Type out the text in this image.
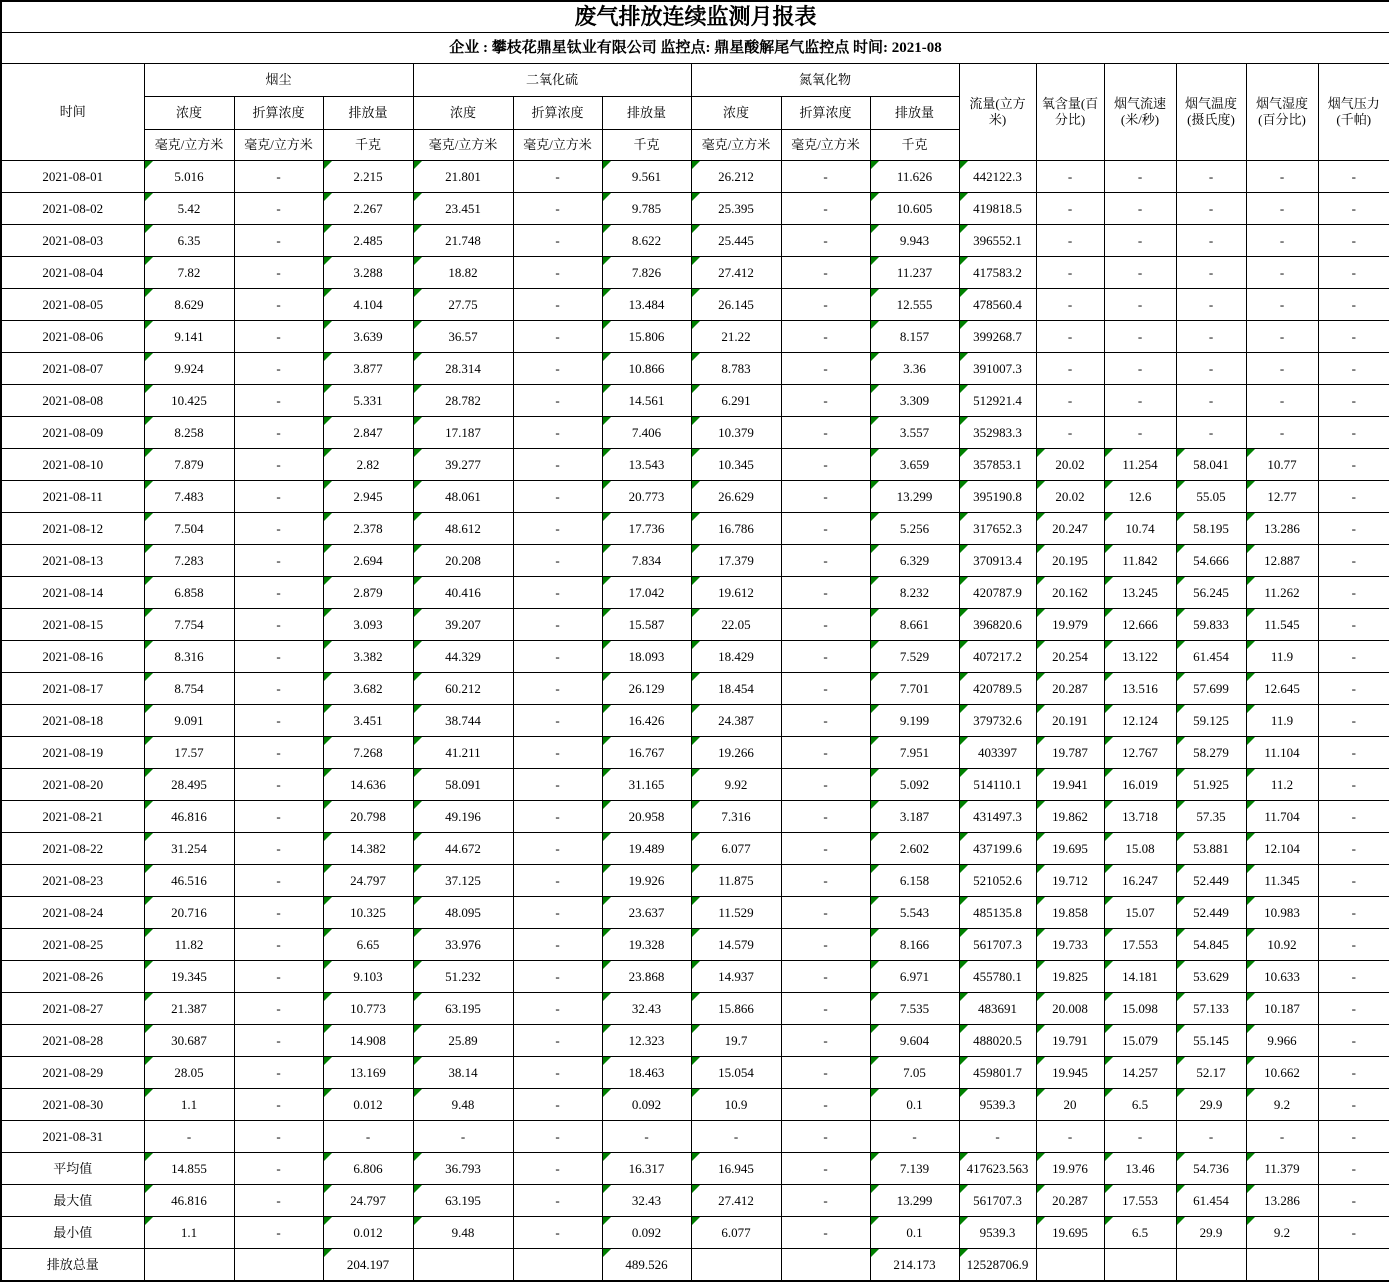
废气排放连续监测月报表															
企业 : 攀枝花鼎星钛业有限公司 监控点: 鼎星酸解尾气监控点 时间: 2021-08															
时间	烟尘			二氧化硫			氮氧化物			流量(立方米)	氧含量(百分比)	烟气流速(米/秒)	烟气温度(摄氏度)	烟气湿度(百分比)	烟气压力(千帕)
	浓度	折算浓度	排放量	浓度	折算浓度	排放量	浓度	折算浓度	排放量						
	毫克/立方米	毫克/立方米	千克	毫克/立方米	毫克/立方米	千克	毫克/立方米	毫克/立方米	千克						
2021-08-01	5.016	-	2.215	21.801	-	9.561	26.212	-	11.626	442122.3	-	-	-	-	-
2021-08-02	5.42	-	2.267	23.451	-	9.785	25.395	-	10.605	419818.5	-	-	-	-	-
2021-08-03	6.35	-	2.485	21.748	-	8.622	25.445	-	9.943	396552.1	-	-	-	-	-
2021-08-04	7.82	-	3.288	18.82	-	7.826	27.412	-	11.237	417583.2	-	-	-	-	-
2021-08-05	8.629	-	4.104	27.75	-	13.484	26.145	-	12.555	478560.4	-	-	-	-	-
2021-08-06	9.141	-	3.639	36.57	-	15.806	21.22	-	8.157	399268.7	-	-	-	-	-
2021-08-07	9.924	-	3.877	28.314	-	10.866	8.783	-	3.36	391007.3	-	-	-	-	-
2021-08-08	10.425	-	5.331	28.782	-	14.561	6.291	-	3.309	512921.4	-	-	-	-	-
2021-08-09	8.258	-	2.847	17.187	-	7.406	10.379	-	3.557	352983.3	-	-	-	-	-
2021-08-10	7.879	-	2.82	39.277	-	13.543	10.345	-	3.659	357853.1	20.02	11.254	58.041	10.77	-
2021-08-11	7.483	-	2.945	48.061	-	20.773	26.629	-	13.299	395190.8	20.02	12.6	55.05	12.77	-
2021-08-12	7.504	-	2.378	48.612	-	17.736	16.786	-	5.256	317652.3	20.247	10.74	58.195	13.286	-
2021-08-13	7.283	-	2.694	20.208	-	7.834	17.379	-	6.329	370913.4	20.195	11.842	54.666	12.887	-
2021-08-14	6.858	-	2.879	40.416	-	17.042	19.612	-	8.232	420787.9	20.162	13.245	56.245	11.262	-
2021-08-15	7.754	-	3.093	39.207	-	15.587	22.05	-	8.661	396820.6	19.979	12.666	59.833	11.545	-
2021-08-16	8.316	-	3.382	44.329	-	18.093	18.429	-	7.529	407217.2	20.254	13.122	61.454	11.9	-
2021-08-17	8.754	-	3.682	60.212	-	26.129	18.454	-	7.701	420789.5	20.287	13.516	57.699	12.645	-
2021-08-18	9.091	-	3.451	38.744	-	16.426	24.387	-	9.199	379732.6	20.191	12.124	59.125	11.9	-
2021-08-19	17.57	-	7.268	41.211	-	16.767	19.266	-	7.951	403397	19.787	12.767	58.279	11.104	-
2021-08-20	28.495	-	14.636	58.091	-	31.165	9.92	-	5.092	514110.1	19.941	16.019	51.925	11.2	-
2021-08-21	46.816	-	20.798	49.196	-	20.958	7.316	-	3.187	431497.3	19.862	13.718	57.35	11.704	-
2021-08-22	31.254	-	14.382	44.672	-	19.489	6.077	-	2.602	437199.6	19.695	15.08	53.881	12.104	-
2021-08-23	46.516	-	24.797	37.125	-	19.926	11.875	-	6.158	521052.6	19.712	16.247	52.449	11.345	-
2021-08-24	20.716	-	10.325	48.095	-	23.637	11.529	-	5.543	485135.8	19.858	15.07	52.449	10.983	-
2021-08-25	11.82	-	6.65	33.976	-	19.328	14.579	-	8.166	561707.3	19.733	17.553	54.845	10.92	-
2021-08-26	19.345	-	9.103	51.232	-	23.868	14.937	-	6.971	455780.1	19.825	14.181	53.629	10.633	-
2021-08-27	21.387	-	10.773	63.195	-	32.43	15.866	-	7.535	483691	20.008	15.098	57.133	10.187	-
2021-08-28	30.687	-	14.908	25.89	-	12.323	19.7	-	9.604	488020.5	19.791	15.079	55.145	9.966	-
2021-08-29	28.05	-	13.169	38.14	-	18.463	15.054	-	7.05	459801.7	19.945	14.257	52.17	10.662	-
2021-08-30	1.1	-	0.012	9.48	-	0.092	10.9	-	0.1	9539.3	20	6.5	29.9	9.2	-
2021-08-31	-	-	-	-	-	-	-	-	-	-	-	-	-	-	-
平均值	14.855	-	6.806	36.793	-	16.317	16.945	-	7.139	417623.563	19.976	13.46	54.736	11.379	-
最大值	46.816	-	24.797	63.195	-	32.43	27.412	-	13.299	561707.3	20.287	17.553	61.454	13.286	-
最小值	1.1	-	0.012	9.48	-	0.092	6.077	-	0.1	9539.3	19.695	6.5	29.9	9.2	-
排放总量			204.197			489.526			214.173	12528706.9					
